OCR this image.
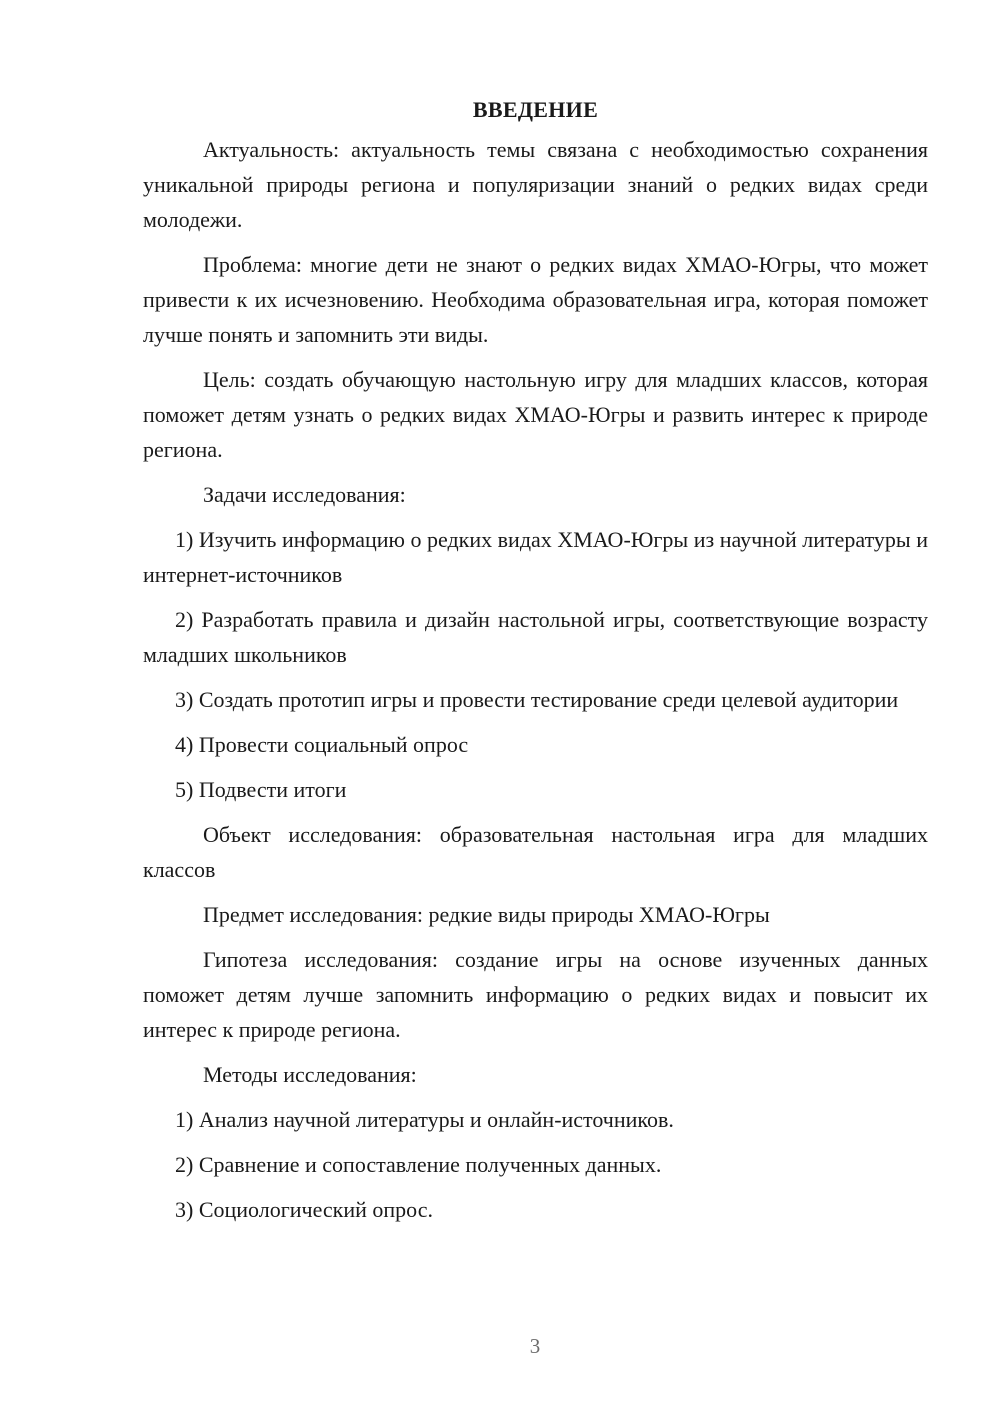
ВВЕДЕНИЕ

Актуальность: актуальность темы связана с необходимостью сохранения уникальной природы региона и популяризации знаний о редких видах среди молодежи.

Проблема: многие дети не знают о редких видах ХМАО-Югры, что может привести к их исчезновению. Необходима образовательная игра, которая поможет лучше понять и запомнить эти виды.

Цель: создать обучающую настольную игру для младших классов, которая поможет детям узнать о редких видах ХМАО-Югры и развить интерес к природе региона.

Задачи исследования:

1) Изучить информацию о редких видах ХМАО-Югры из научной литературы и интернет-источников

2) Разработать правила и дизайн настольной игры, соответствующие возрасту младших школьников

3) Создать прототип игры и провести тестирование среди целевой аудитории

4) Провести социальный опрос

5) Подвести итоги

Объект исследования: образовательная настольная игра для младших классов

Предмет исследования: редкие виды природы ХМАО-Югры

Гипотеза исследования: создание игры на основе изученных данных поможет детям лучше запомнить информацию о редких видах и повысит их интерес к природе региона.

Методы исследования:

1) Анализ научной литературы и онлайн-источников.

2) Сравнение и сопоставление полученных данных.

3) Социологический опрос.

3
